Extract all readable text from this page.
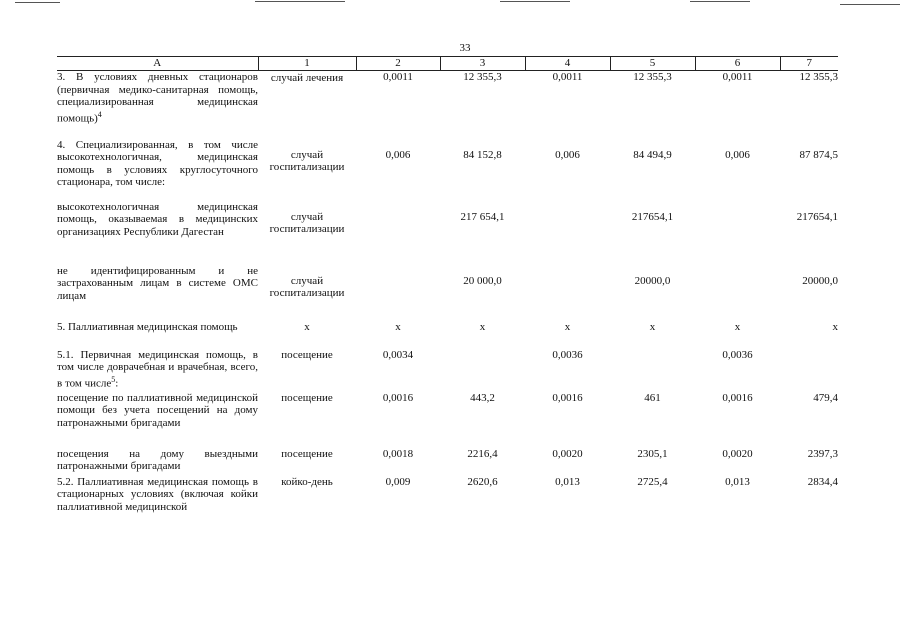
33
А	1	2	3	4	5	6	7
3. В условиях дневных стационаров (первичная медико-санитарная помощь, специализированная медицинская помощь)$^4$	случай лечения	0,0011	12 355,3	0,0011	12 355,3	0,0011	12 355,3
4. Специализированная, в том числе высокотехнологичная, медицинская помощь в условиях круглосуточного стационара, том числе:	случай госпитализации	0,006	84 152,8	0,006	84 494,9	0,006	87 874,5
высокотехнологичная медицинская помощь, оказываемая в медицинских организациях Республики Дагестан	случай госпитализации		217 654,1		217654,1		217654,1
не идентифицированным и не застрахованным лицам в системе ОМС лицам	случай госпитализации		20 000,0		20000,0		20000,0
5. Паллиативная медицинская помощь	х	х	х	х	х	х	х
5.1. Первичная медицинская помощь, в том числе доврачебная и врачебная, всего, в том числе$^5$:	посещение	0,0034		0,0036		0,0036	
посещение по паллиативной медицинской помощи без учета посещений на дому патронажными бригадами	посещение	0,0016	443,2	0,0016	461	0,0016	479,4
посещения на дому выездными патронажными бригадами	посещение	0,0018	2216,4	0,0020	2305,1	0,0020	2397,3
5.2. Паллиативная медицинская помощь в стационарных условиях (включая койки паллиативной медицинской	койко-день	0,009	2620,6	0,013	2725,4	0,013	2834,4
